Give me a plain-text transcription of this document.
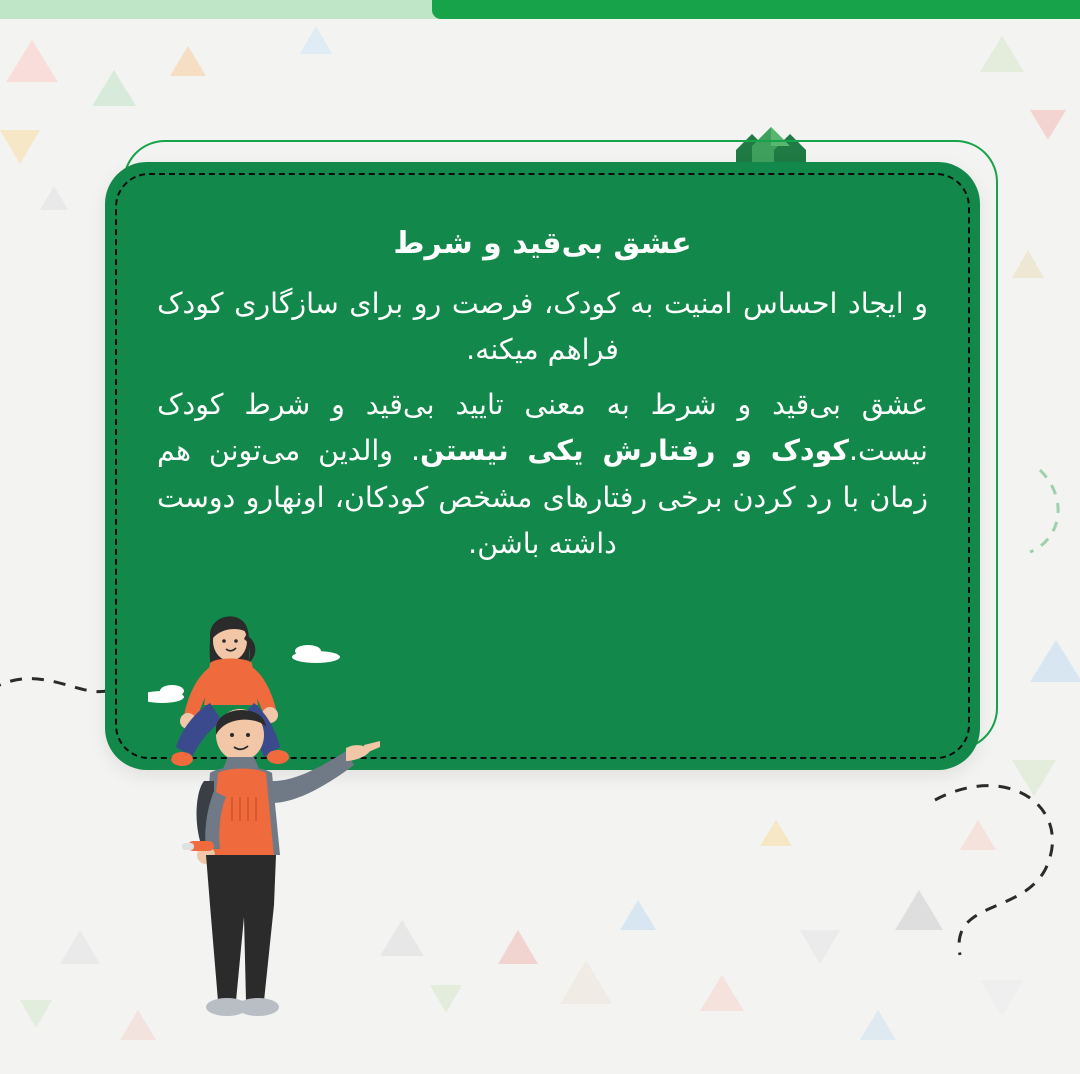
عشق بی‌قید و شرط

و ایجاد احساس امنیت به کودک، فرصت رو برای سازگاری کودک فراهم میکنه.

عشق بی‌قید و شرط به معنی تایید بی‌قید و شرط کودک نیست.کودک و رفتارش یکی نیستن. والدین می‌تونن هم زمان با رد کردن برخی رفتارهای مشخص کودکان، اونهارو دوست داشته باشن.
